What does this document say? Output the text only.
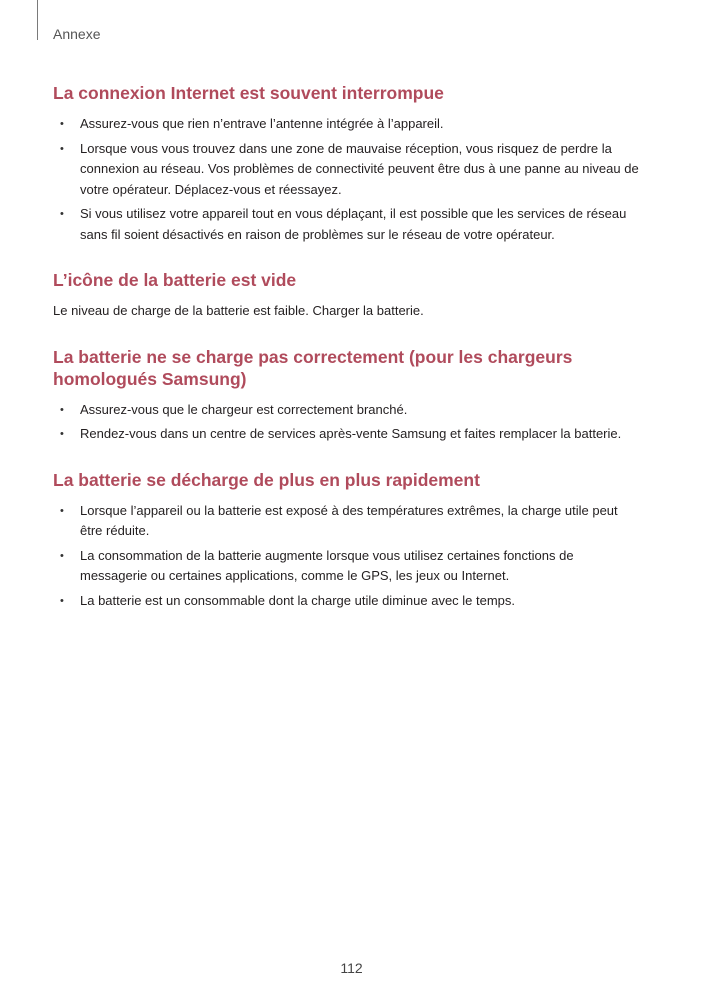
Annexe
La connexion Internet est souvent interrompue
• Assurez-vous que rien n’entrave l’antenne intégrée à l’appareil.
• Lorsque vous vous trouvez dans une zone de mauvaise réception, vous risquez de perdre la connexion au réseau. Vos problèmes de connectivité peuvent être dus à une panne au niveau de votre opérateur. Déplacez-vous et réessayez.
• Si vous utilisez votre appareil tout en vous déplaçant, il est possible que les services de réseau sans fil soient désactivés en raison de problèmes sur le réseau de votre opérateur.
L’icône de la batterie est vide

Le niveau de charge de la batterie est faible. Charger la batterie.

La batterie ne se charge pas correctement (pour les chargeurs homologués Samsung)
• Assurez-vous que le chargeur est correctement branché.
• Rendez-vous dans un centre de services après-vente Samsung et faites remplacer la batterie.
La batterie se décharge de plus en plus rapidement
• Lorsque l’appareil ou la batterie est exposé à des températures extrêmes, la charge utile peut être réduite.
• La consommation de la batterie augmente lorsque vous utilisez certaines fonctions de messagerie ou certaines applications, comme le GPS, les jeux ou Internet.
• La batterie est un consommable dont la charge utile diminue avec le temps.
112
